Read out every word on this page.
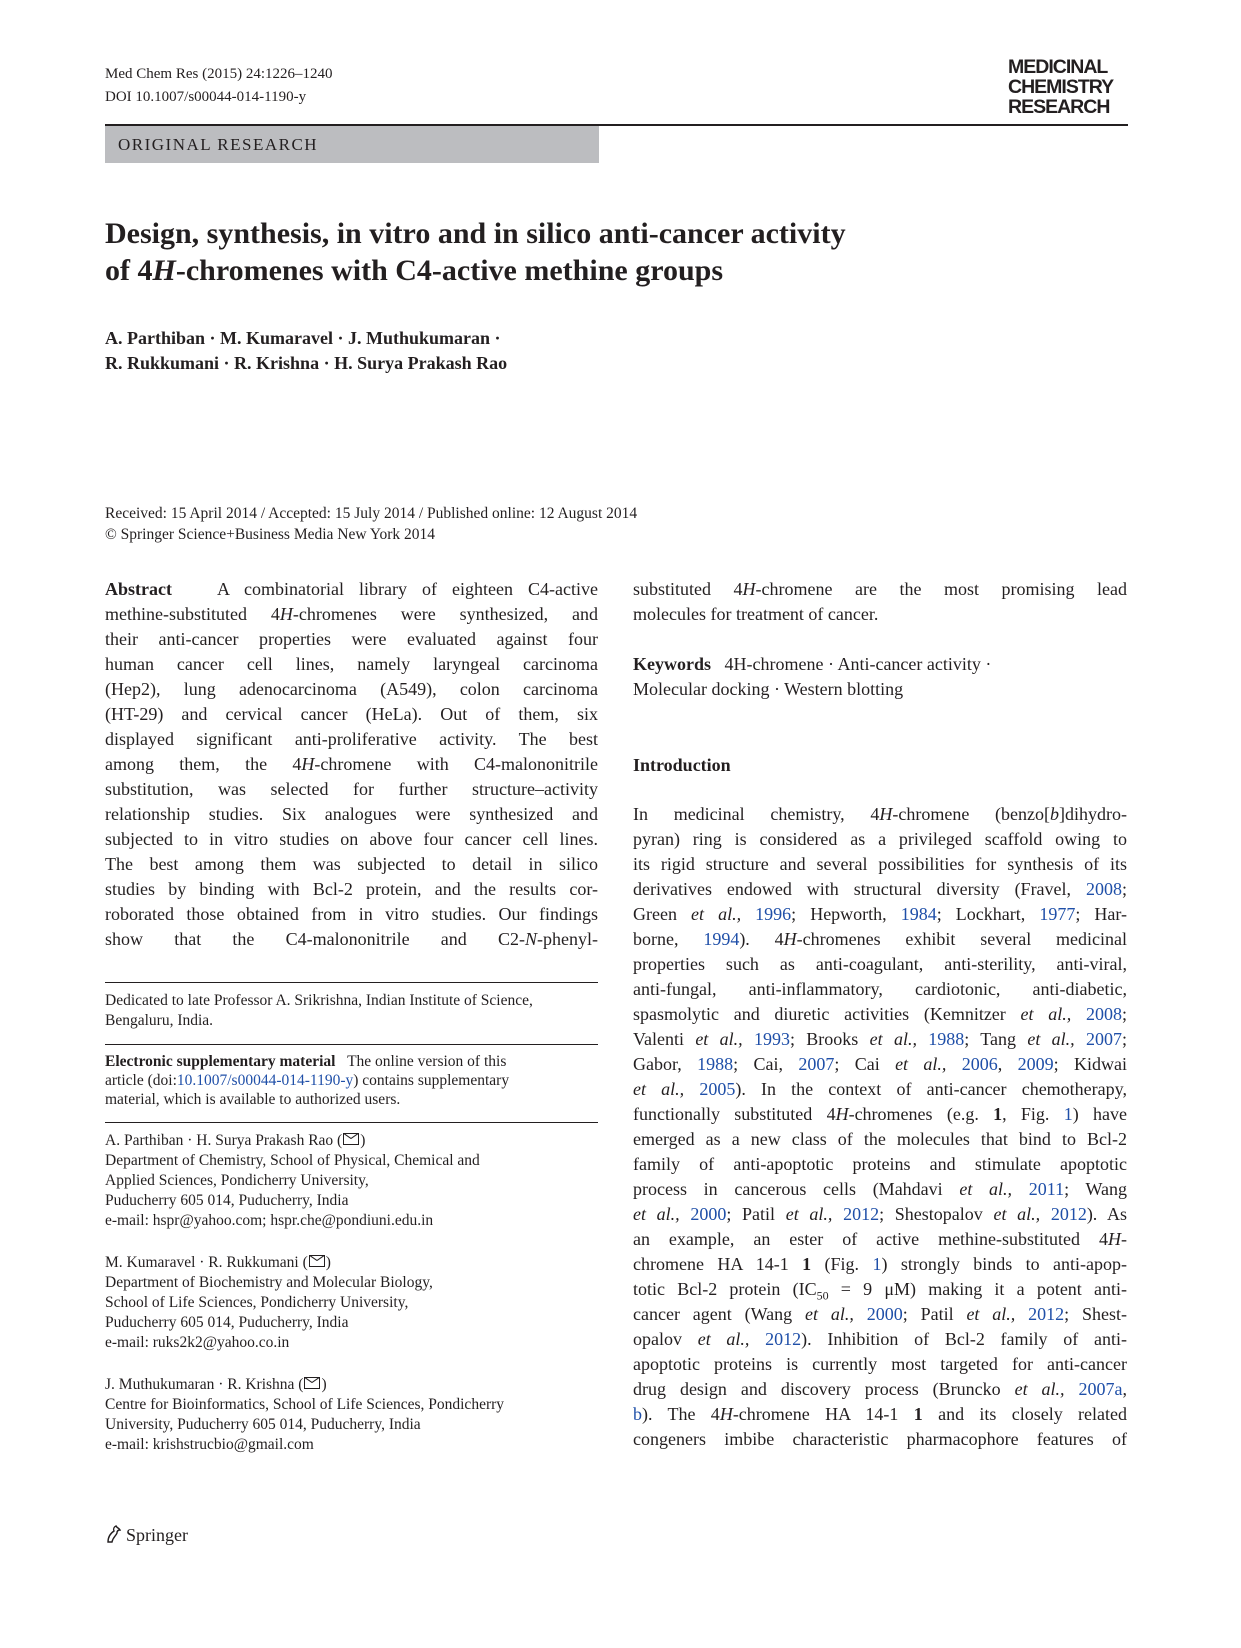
Med Chem Res (2015) 24:1226–1240
DOI 10.1007/s00044-014-1190-y
MEDICINAL
CHEMISTRY
RESEARCH
ORIGINAL RESEARCH
Design, synthesis, in vitro and in silico anti-cancer activity
of 4H-chromenes with C4-active methine groups
A. Parthiban · M. Kumaravel · J. Muthukumaran ·
R. Rukkumani · R. Krishna · H. Surya Prakash Rao
Received: 15 April 2014 / Accepted: 15 July 2014 / Published online: 12 August 2014
© Springer Science+Business Media New York 2014
Abstract	A combinatorial library of eighteen C4-active
methine-substituted 4H-chromenes were synthesized, and
their anti-cancer properties were evaluated against four
human cancer cell lines, namely laryngeal carcinoma
(Hep2), lung adenocarcinoma (A549), colon carcinoma
(HT-29) and cervical cancer (HeLa). Out of them, six
displayed significant anti-proliferative activity. The best
among them, the 4H-chromene with C4-malononitrile
substitution, was selected for further structure–activity
relationship studies. Six analogues were synthesized and
subjected to in vitro studies on above four cancer cell lines.
The best among them was subjected to detail in silico
studies by binding with Bcl-2 protein, and the results cor-
roborated those obtained from in vitro studies. Our findings
show that the C4-malononitrile and C2-N-phenyl-
substituted 4H-chromene are the most promising lead
molecules for treatment of cancer.
Keywords 4H-chromene · Anti-cancer activity ·
Molecular docking · Western blotting
Introduction
In medicinal chemistry, 4H-chromene (benzo[b]dihydro-
pyran) ring is considered as a privileged scaffold owing to
its rigid structure and several possibilities for synthesis of its
derivatives endowed with structural diversity (Fravel, 2008;
Green et al., 1996; Hepworth, 1984; Lockhart, 1977; Har-
borne, 1994). 4H-chromenes exhibit several medicinal
properties such as anti-coagulant, anti-sterility, anti-viral,
anti-fungal, anti-inflammatory, cardiotonic, anti-diabetic,
spasmolytic and diuretic activities (Kemnitzer et al., 2008;
Valenti et al., 1993; Brooks et al., 1988; Tang et al., 2007;
Gabor, 1988; Cai, 2007; Cai et al., 2006, 2009; Kidwai
et al., 2005). In the context of anti-cancer chemotherapy,
functionally substituted 4H-chromenes (e.g. 1, Fig. 1) have
emerged as a new class of the molecules that bind to Bcl-2
family of anti-apoptotic proteins and stimulate apoptotic
process in cancerous cells (Mahdavi et al., 2011; Wang
et al., 2000; Patil et al., 2012; Shestopalov et al., 2012). As
an example, an ester of active methine-substituted 4H-
chromene HA 14-1 1 (Fig. 1) strongly binds to anti-apop-
totic Bcl-2 protein ($IC_{50} = 9$ μM) making it a potent anti-
cancer agent (Wang et al., 2000; Patil et al., 2012; Shest-
opalov et al., 2012). Inhibition of Bcl-2 family of anti-
apoptotic proteins is currently most targeted for anti-cancer
drug design and discovery process (Bruncko et al., 2007a,
b). The 4H-chromene HA 14-1 1 and its closely related
congeners imbibe characteristic pharmacophore features of
Dedicated to late Professor A. Srikrishna, Indian Institute of Science,
Bengaluru, India.
Electronic supplementary material The online version of this
article (doi:10.1007/s00044-014-1190-y) contains supplementary
material, which is available to authorized users.
A. Parthiban · H. Surya Prakash Rao ( )
Department of Chemistry, School of Physical, Chemical and
Applied Sciences, Pondicherry University,
Puducherry 605 014, Puducherry, India
e-mail: hspr@yahoo.com; hspr.che@pondiuni.edu.in
M. Kumaravel · R. Rukkumani ( )
Department of Biochemistry and Molecular Biology,
School of Life Sciences, Pondicherry University,
Puducherry 605 014, Puducherry, India
e-mail: ruks2k2@yahoo.co.in
J. Muthukumaran · R. Krishna ( )
Centre for Bioinformatics, School of Life Sciences, Pondicherry
University, Puducherry 605 014, Puducherry, India
e-mail: krishstrucbio@gmail.com
Springer
